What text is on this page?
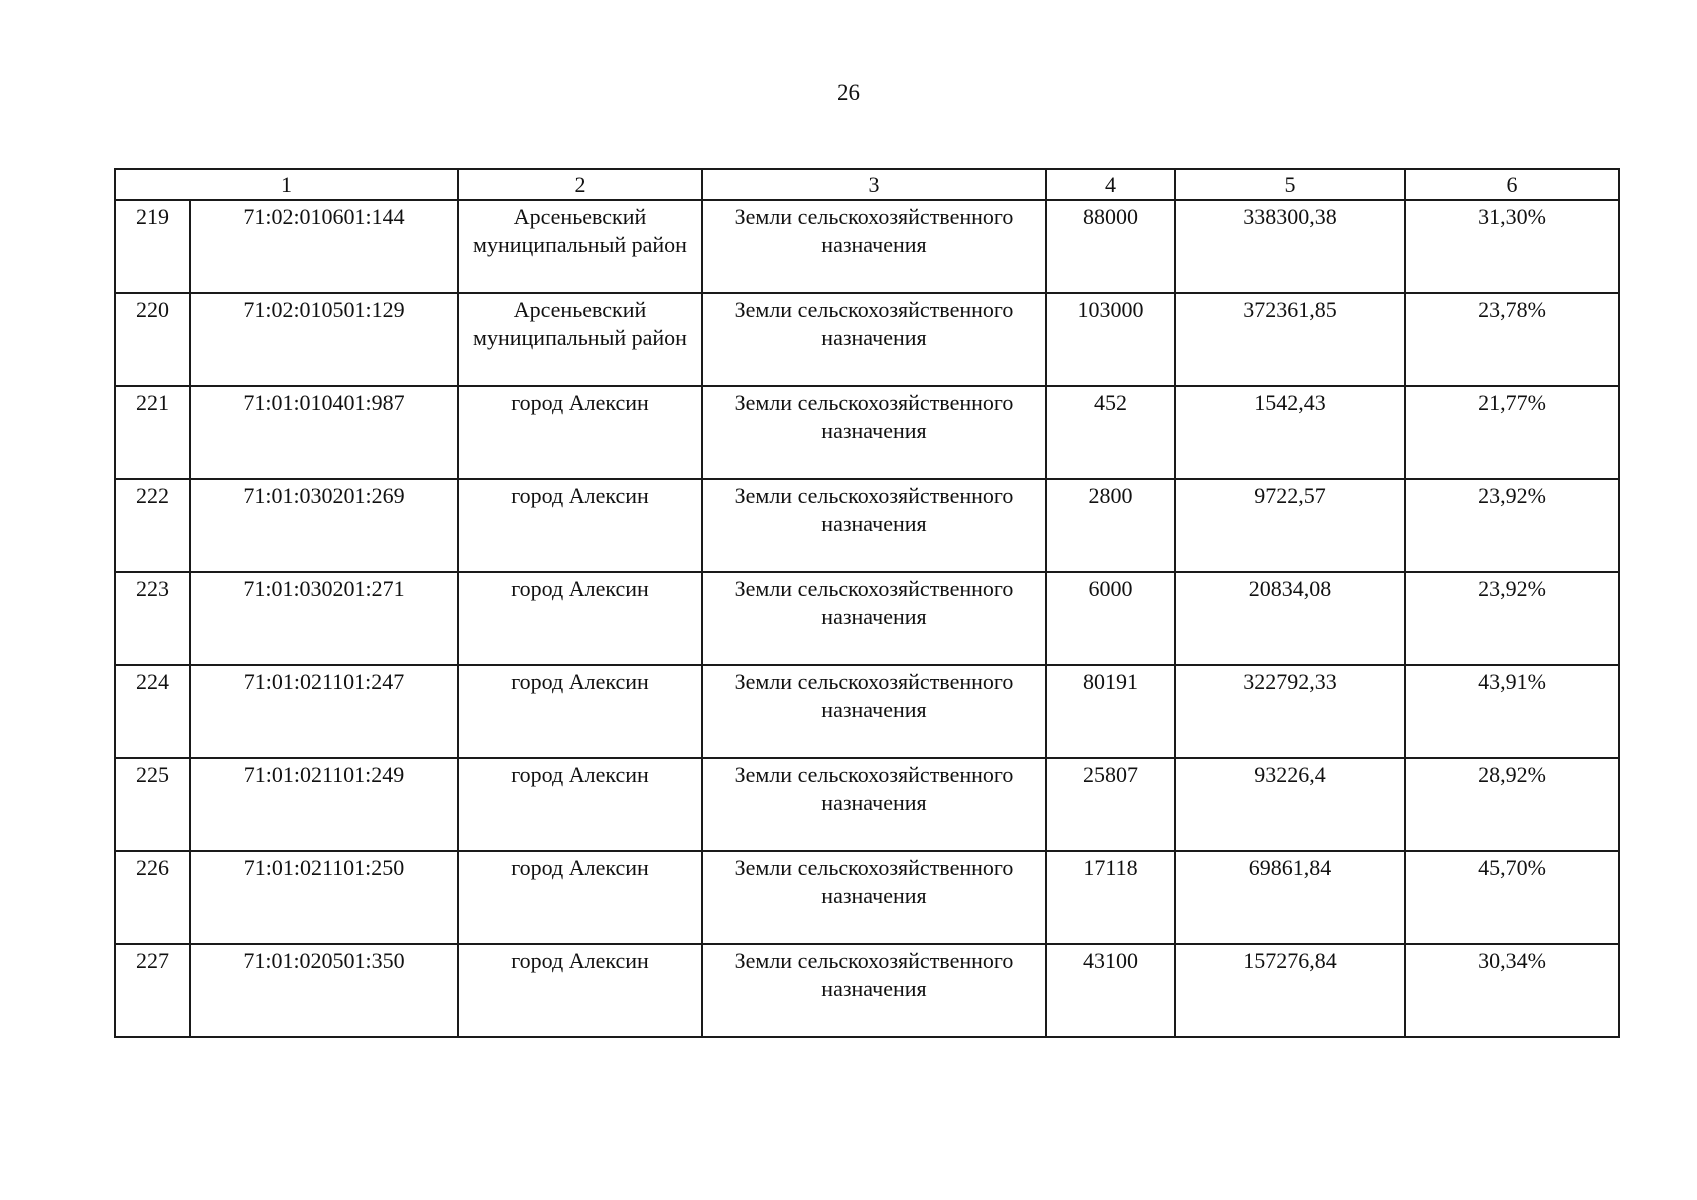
26
1		2	3	4	5	6
219	71:02:010601:144	Арсеньевский муниципальный район	Земли сельскохозяйственного назначения	88000	338300,38	31,30%
220	71:02:010501:129	Арсеньевский муниципальный район	Земли сельскохозяйственного назначения	103000	372361,85	23,78%
221	71:01:010401:987	город Алексин	Земли сельскохозяйственного назначения	452	1542,43	21,77%
222	71:01:030201:269	город Алексин	Земли сельскохозяйственного назначения	2800	9722,57	23,92%
223	71:01:030201:271	город Алексин	Земли сельскохозяйственного назначения	6000	20834,08	23,92%
224	71:01:021101:247	город Алексин	Земли сельскохозяйственного назначения	80191	322792,33	43,91%
225	71:01:021101:249	город Алексин	Земли сельскохозяйственного назначения	25807	93226,4	28,92%
226	71:01:021101:250	город Алексин	Земли сельскохозяйственного назначения	17118	69861,84	45,70%
227	71:01:020501:350	город Алексин	Земли сельскохозяйственного назначения	43100	157276,84	30,34%
